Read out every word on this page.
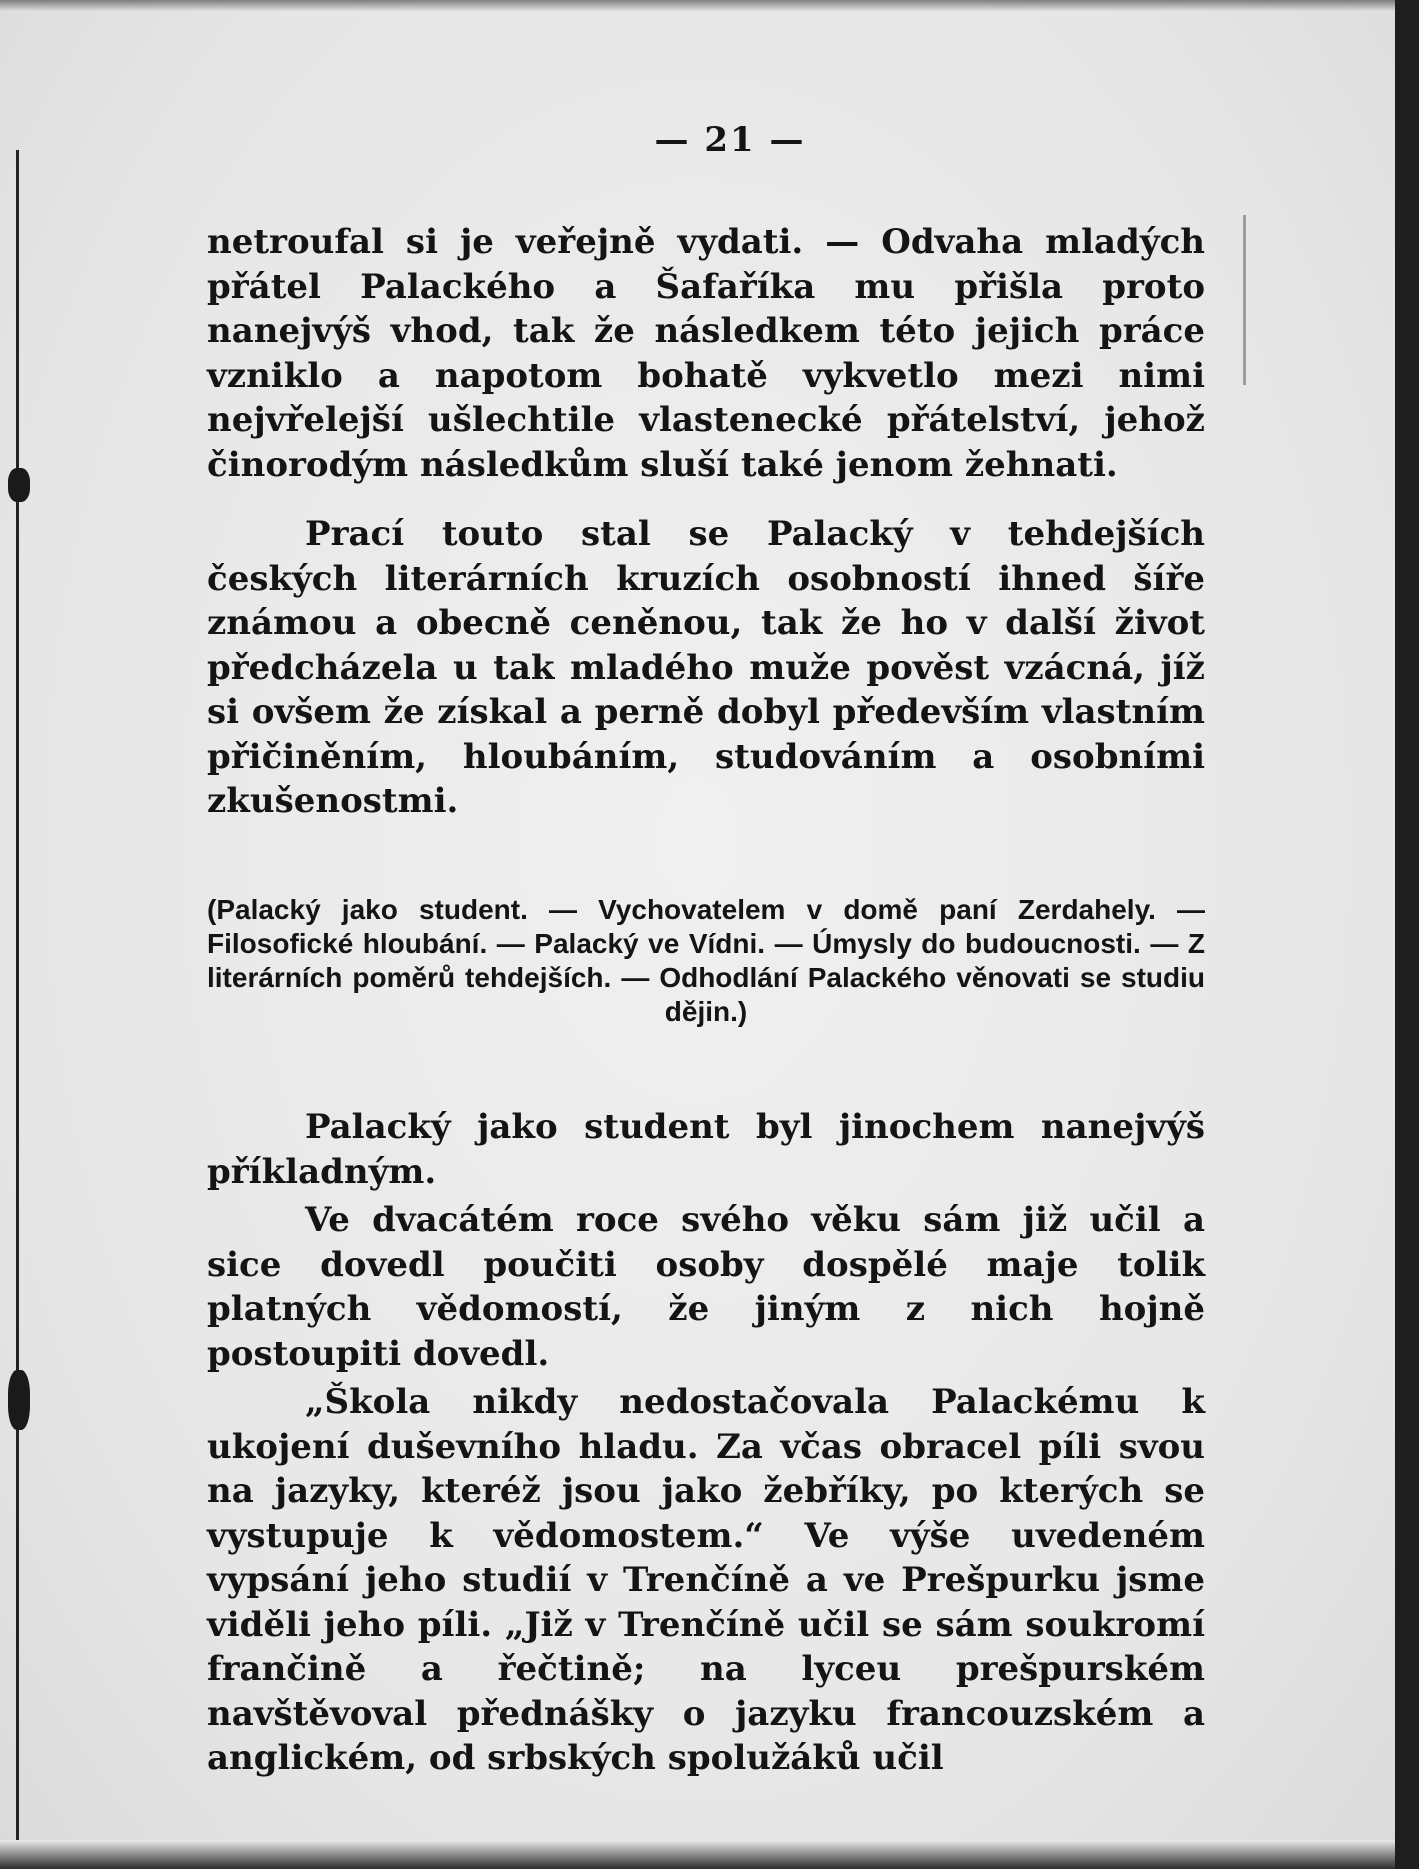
— 21 —

netroufal si je veřejně vydati. — Odvaha mladých přátel Palackého a Šafaříka mu přišla proto nanejvýš vhod, tak že následkem této jejich práce vzniklo a napotom bohatě vykvetlo mezi nimi nejvřelejší ušlechtile vlastenecké přátelství, jehož činorodým následkům sluší také jenom žehnati.

Prací touto stal se Palacký v tehdejších českých literárních kruzích osobností ihned šíře známou a obecně ceněnou, tak že ho v další život předcházela u tak mladého muže pověst vzácná, jíž si ovšem že získal a perně dobyl především vlastním přičiněním, hloubáním, studováním a osobními zkušenostmi.

(Palacký jako student. — Vychovatelem v domě paní Zerdahely. — Filosofické hloubání. — Palacký ve Vídni. — Úmysly do budoucnosti. — Z literárních poměrů tehdejších. — Odhodlání Palackého věnovati se studiu dějin.)

Palacký jako student byl jinochem nanejvýš příkladným.

Ve dvacátém roce svého věku sám již učil a sice dovedl poučiti osoby dospělé maje tolik platných vědomostí, že jiným z nich hojně postoupiti dovedl.

„Škola nikdy nedostačovala Palackému k ukojení duševního hladu. Za včas obracel píli svou na jazyky, kteréž jsou jako žebříky, po kterých se vystupuje k vědomostem.“ Ve výše uvedeném vypsání jeho studií v Trenčíně a ve Prešpurku jsme viděli jeho píli. „Již v Trenčíně učil se sám soukromí frančině a řečtině; na lyceu prešpurském navštěvoval přednášky o jazyku francouzském a anglickém, od srbských spolužáků učil
